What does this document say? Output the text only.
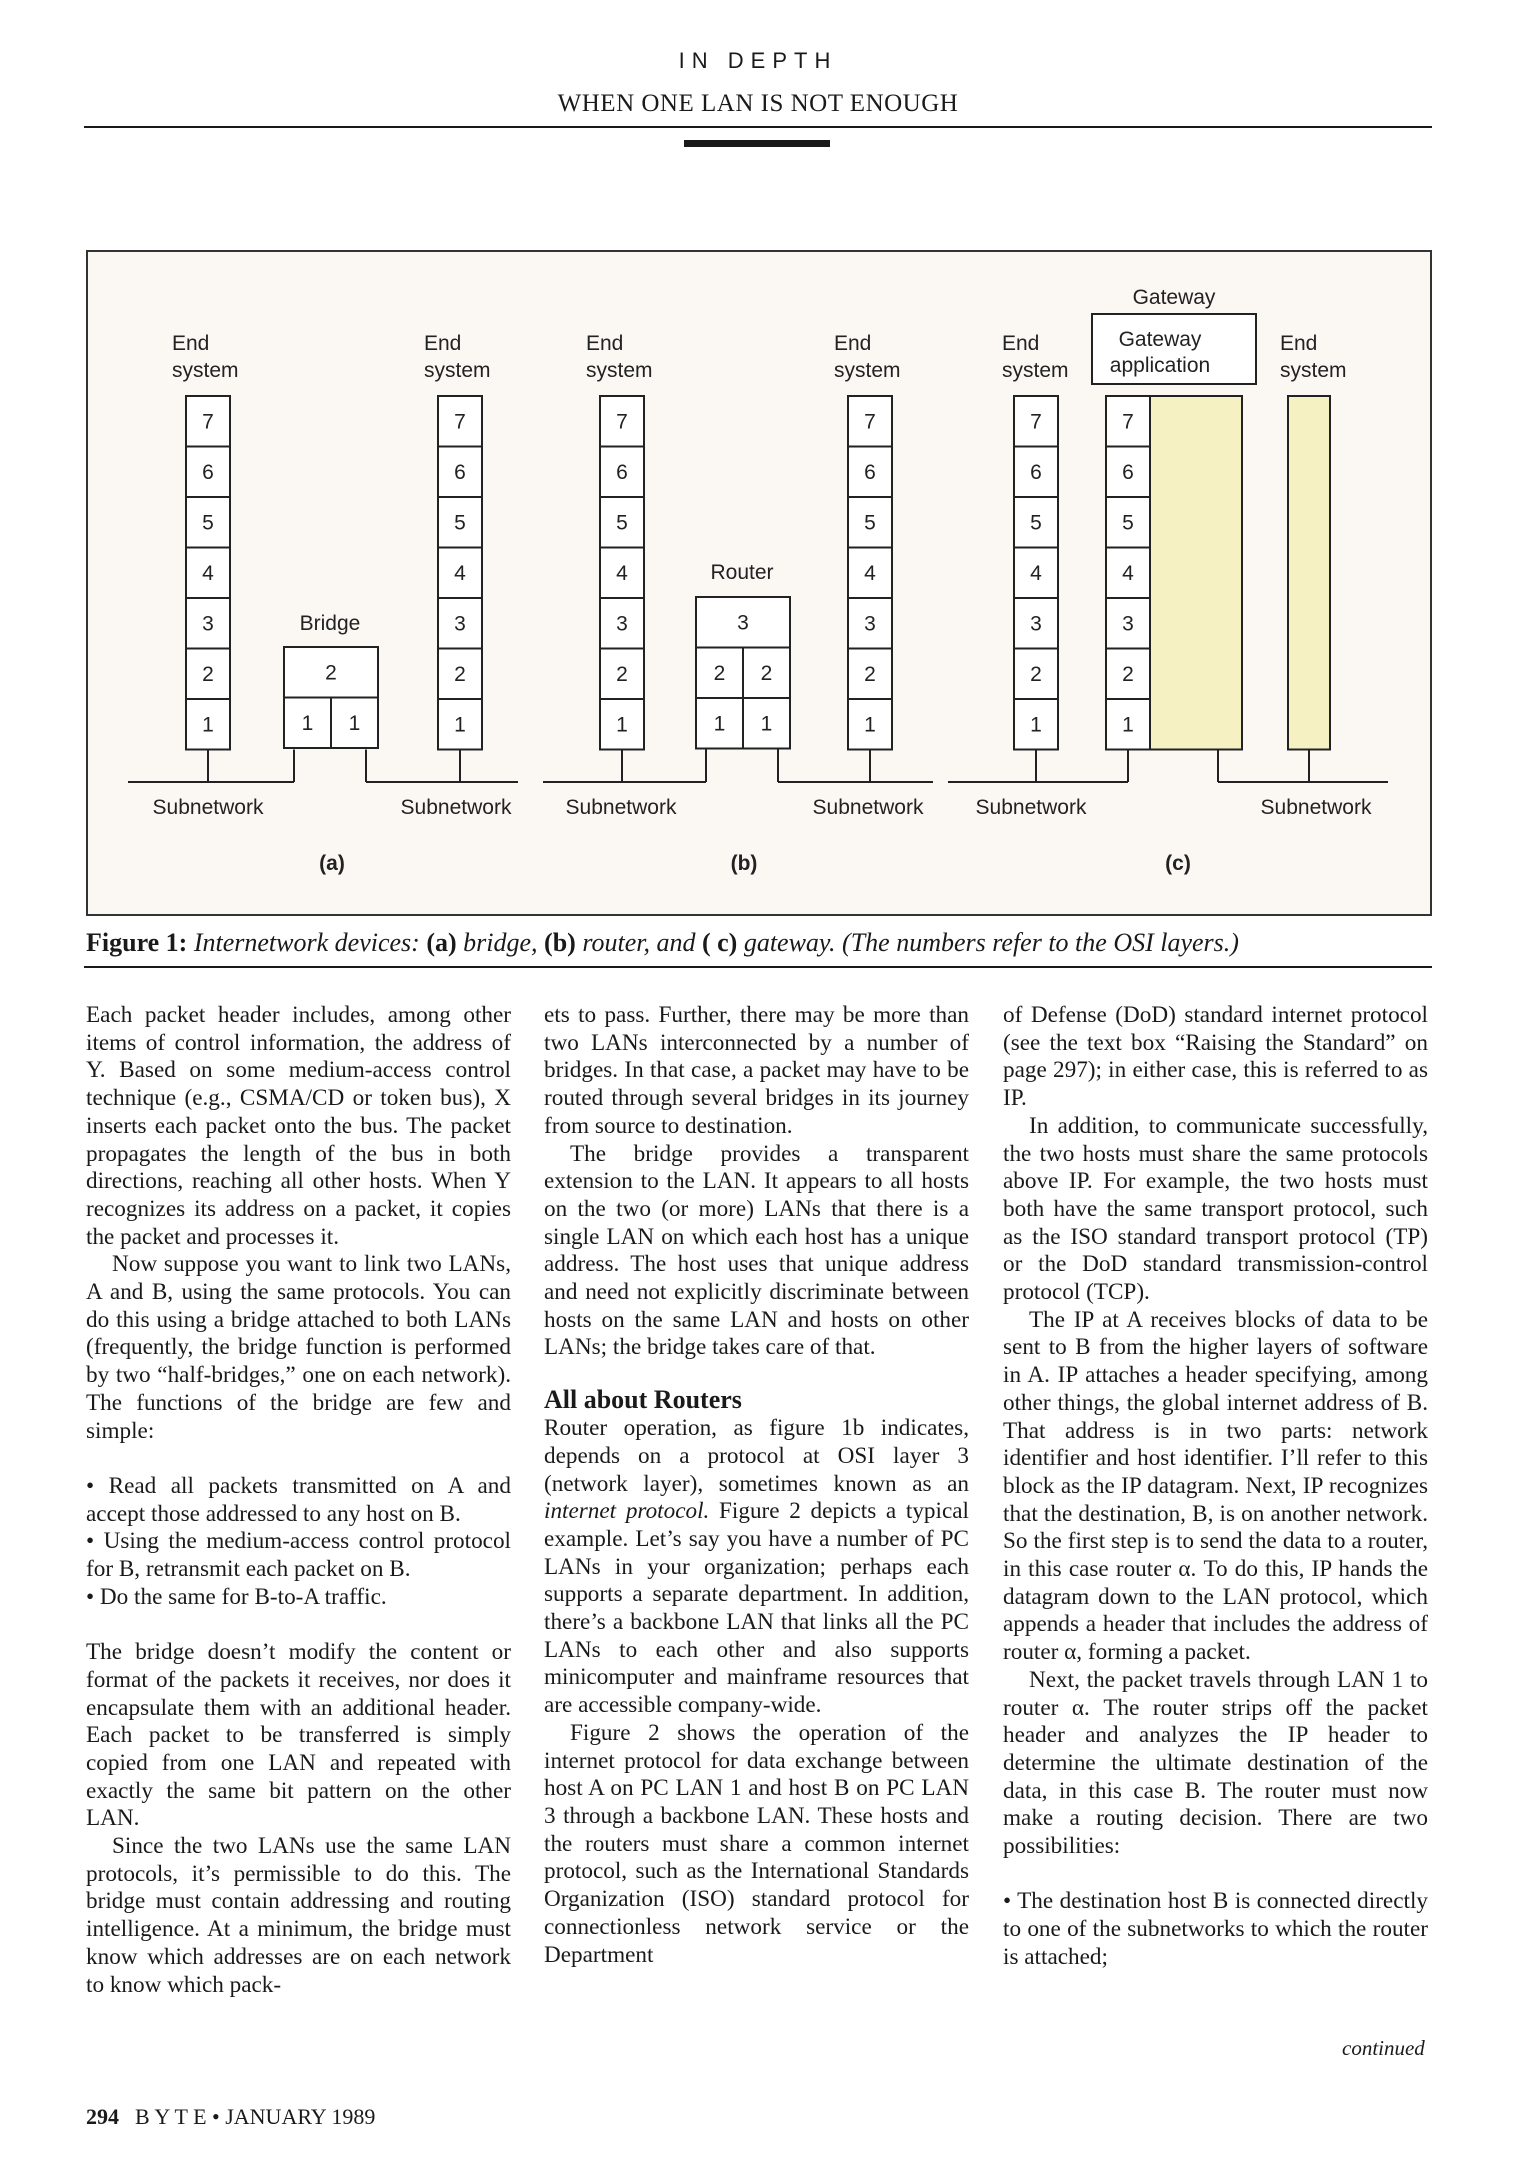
IN DEPTH
WHEN ONE LAN IS NOT ENOUGH
End
system
End
system
7
6
5
4
3
2
1
7
6
5
4
3
2
1
Bridge
2
1 1
Subnetwork	Subnetwork
(a)
End
system
End
system
7
6
5
4
3
2
1
7
6
5
4
3
2
1
Router
3
2 2
1 1
Subnetwork	Subnetwork
(b)
End
system
End
system
7
6
5
4
3
2
1
Gateway
Gateway
application
7
6
5
4
3
2
1
Subnetwork	Subnetwork
(c)
Figure 1: Internetwork devices: (a) bridge, (b) router, and ( c) gateway. (The numbers refer to the OSI layers.)

Each packet header includes, among other items of control information, the address of Y. Based on some medium-access control technique (e.g., CSMA/CD or token bus), X inserts each packet onto the bus. The packet propagates the length of the bus in both directions, reaching all other hosts. When Y recognizes its address on a packet, it copies the packet and processes it.

Now suppose you want to link two LANs, A and B, using the same protocols. You can do this using a bridge attached to both LANs (frequently, the bridge function is performed by two “half-bridges,” one on each network). The functions of the bridge are few and simple:

• Read all packets transmitted on A and accept those addressed to any host on B.

• Using the medium-access control protocol for B, retransmit each packet on B.

• Do the same for B-to-A traffic.

The bridge doesn’t modify the content or format of the packets it receives, nor does it encapsulate them with an additional header. Each packet to be transferred is simply copied from one LAN and repeated with exactly the same bit pattern on the other LAN.

Since the two LANs use the same LAN protocols, it’s permissible to do this. The bridge must contain addressing and routing intelligence. At a minimum, the bridge must know which addresses are on each network to know which pack-

ets to pass. Further, there may be more than two LANs interconnected by a number of bridges. In that case, a packet may have to be routed through several bridges in its journey from source to destination.

The bridge provides a transparent extension to the LAN. It appears to all hosts on the two (or more) LANs that there is a single LAN on which each host has a unique address. The host uses that unique address and need not explicitly discriminate between hosts on the same LAN and hosts on other LANs; the bridge takes care of that.

All about Routers

Router operation, as figure 1b indicates, depends on a protocol at OSI layer 3 (network layer), sometimes known as an internet protocol. Figure 2 depicts a typical example. Let’s say you have a number of PC LANs in your organization; perhaps each supports a separate department. In addition, there’s a backbone LAN that links all the PC LANs to each other and also supports minicomputer and mainframe resources that are accessible company-wide.

Figure 2 shows the operation of the internet protocol for data exchange between host A on PC LAN 1 and host B on PC LAN 3 through a backbone LAN. These hosts and the routers must share a common internet protocol, such as the International Standards Organization (ISO) standard protocol for connectionless network service or the Department

of Defense (DoD) standard internet protocol (see the text box “Raising the Standard” on page 297); in either case, this is referred to as IP.

In addition, to communicate successfully, the two hosts must share the same protocols above IP. For example, the two hosts must both have the same transport protocol, such as the ISO standard transport protocol (TP) or the DoD standard transmission-control protocol (TCP).

The IP at A receives blocks of data to be sent to B from the higher layers of software in A. IP attaches a header specifying, among other things, the global internet address of B. That address is in two parts: network identifier and host identifier. I’ll refer to this block as the IP datagram. Next, IP recognizes that the destination, B, is on another network. So the first step is to send the data to a router, in this case router α. To do this, IP hands the datagram down to the LAN protocol, which appends a header that includes the address of router α, forming a packet.

Next, the packet travels through LAN 1 to router α. The router strips off the packet header and analyzes the IP header to determine the ultimate destination of the data, in this case B. The router must now make a routing decision. There are two possibilities:

• The destination host B is connected directly to one of the subnetworks to which the router is attached;

continued
294 B Y T E • JANUARY 1989
